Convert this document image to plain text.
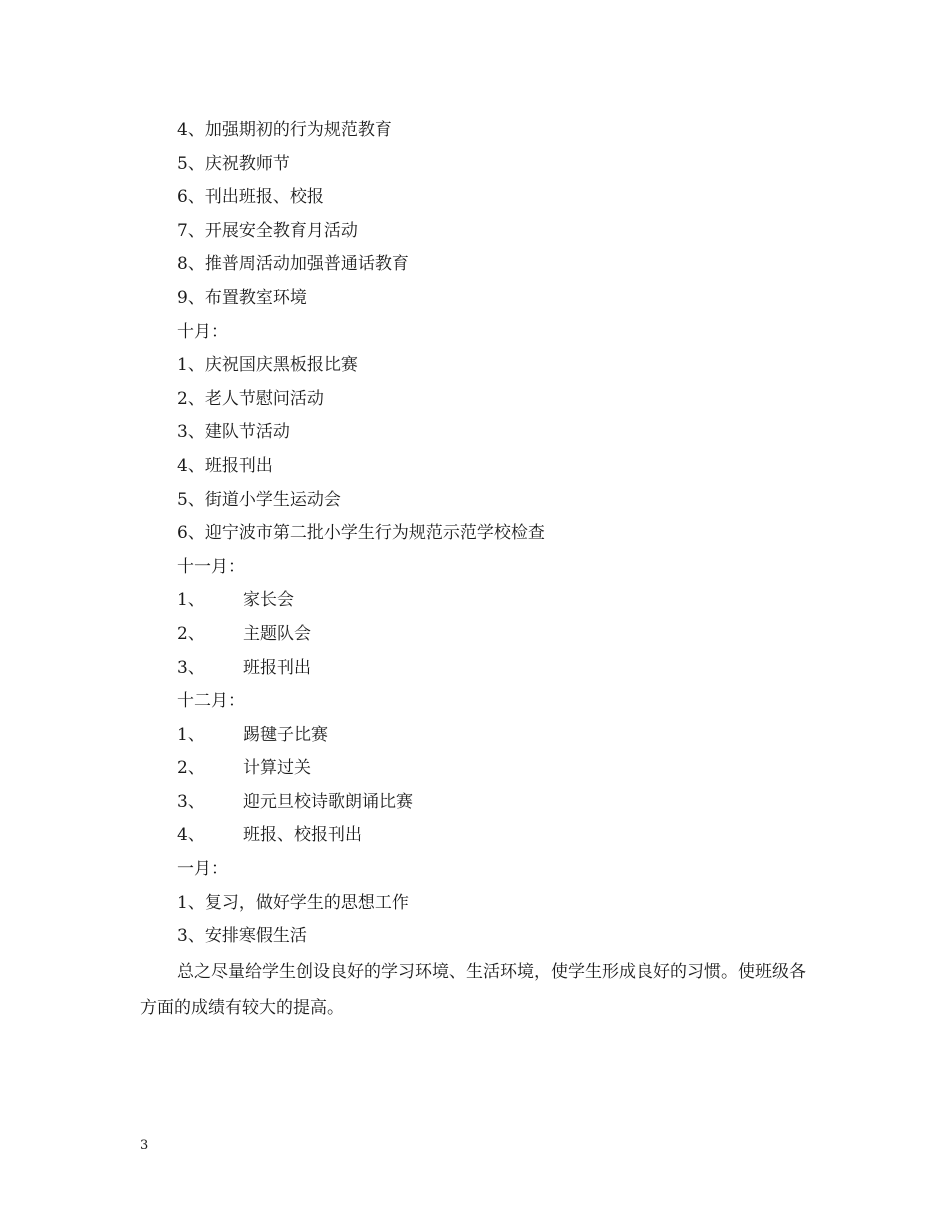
4、加强期初的行为规范教育
5、庆祝教师节
6、刊出班报、校报
7、开展安全教育月活动
8、推普周活动加强普通话教育
9、布置教室环境
十月：
1、庆祝国庆黑板报比赛
2、老人节慰问活动
3、建队节活动
4、班报刊出
5、街道小学生运动会
6、迎宁波市第二批小学生行为规范示范学校检查
十一月：
1、 家长会
2、 主题队会
3、 班报刊出
十二月：
1、 踢毽子比赛
2、 计算过关
3、 迎元旦校诗歌朗诵比赛
4、 班报、校报刊出
一月：
1、复习，做好学生的思想工作
3、安排寒假生活

总之尽量给学生创设良好的学习环境、生活环境，使学生形成良好的习惯。使班级各方面的成绩有较大的提高。

3
